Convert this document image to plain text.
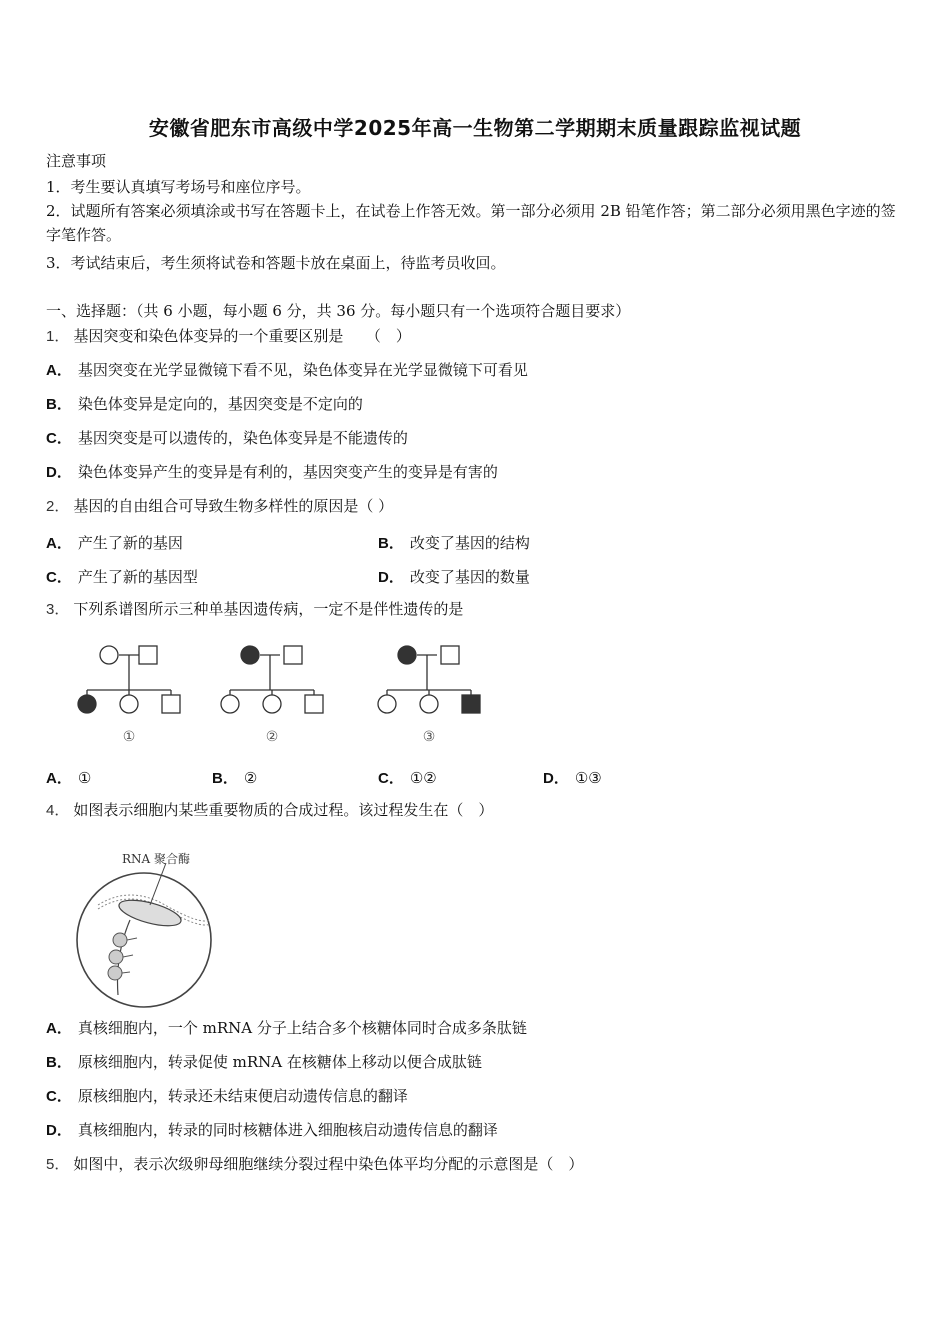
安徽省肥东市高级中学2025年高一生物第二学期期末质量跟踪监视试题
注意事项
1．考生要认真填写考场号和座位序号。
2．试题所有答案必须填涂或书写在答题卡上，在试卷上作答无效。第一部分必须用 2B 铅笔作答；第二部分必须用黑色字迹的签字笔作答。
3．考试结束后，考生须将试卷和答题卡放在桌面上，待监考员收回。
一、选择题：（共 6 小题，每小题 6 分，共 36 分。每小题只有一个选项符合题目要求）
1． 基因突变和染色体变异的一个重要区别是　　（　）
A． 基因突变在光学显微镜下看不见，染色体变异在光学显微镜下可看见
B． 染色体变异是定向的，基因突变是不定向的
C． 基因突变是可以遗传的，染色体变异是不能遗传的
D． 染色体变异产生的变异是有利的，基因突变产生的变异是有害的
2． 基因的自由组合可导致生物多样性的原因是（ ）
A． 产生了新的基因	B． 改变了基因的结构
C． 产生了新的基因型	D． 改变了基因的数量
3． 下列系谱图所示三种单基因遗传病，一定不是伴性遗传的是
①	②	③
A． ①	B． ②	C． ①②	D． ①③
4． 如图表示细胞内某些重要物质的合成过程。该过程发生在（　）
RNA 聚合酶
A． 真核细胞内，一个 mRNA 分子上结合多个核糖体同时合成多条肽链
B． 原核细胞内，转录促使 mRNA 在核糖体上移动以便合成肽链
C． 原核细胞内，转录还未结束便启动遗传信息的翻译
D． 真核细胞内，转录的同时核糖体进入细胞核启动遗传信息的翻译
5． 如图中，表示次级卵母细胞继续分裂过程中染色体平均分配的示意图是（　）
